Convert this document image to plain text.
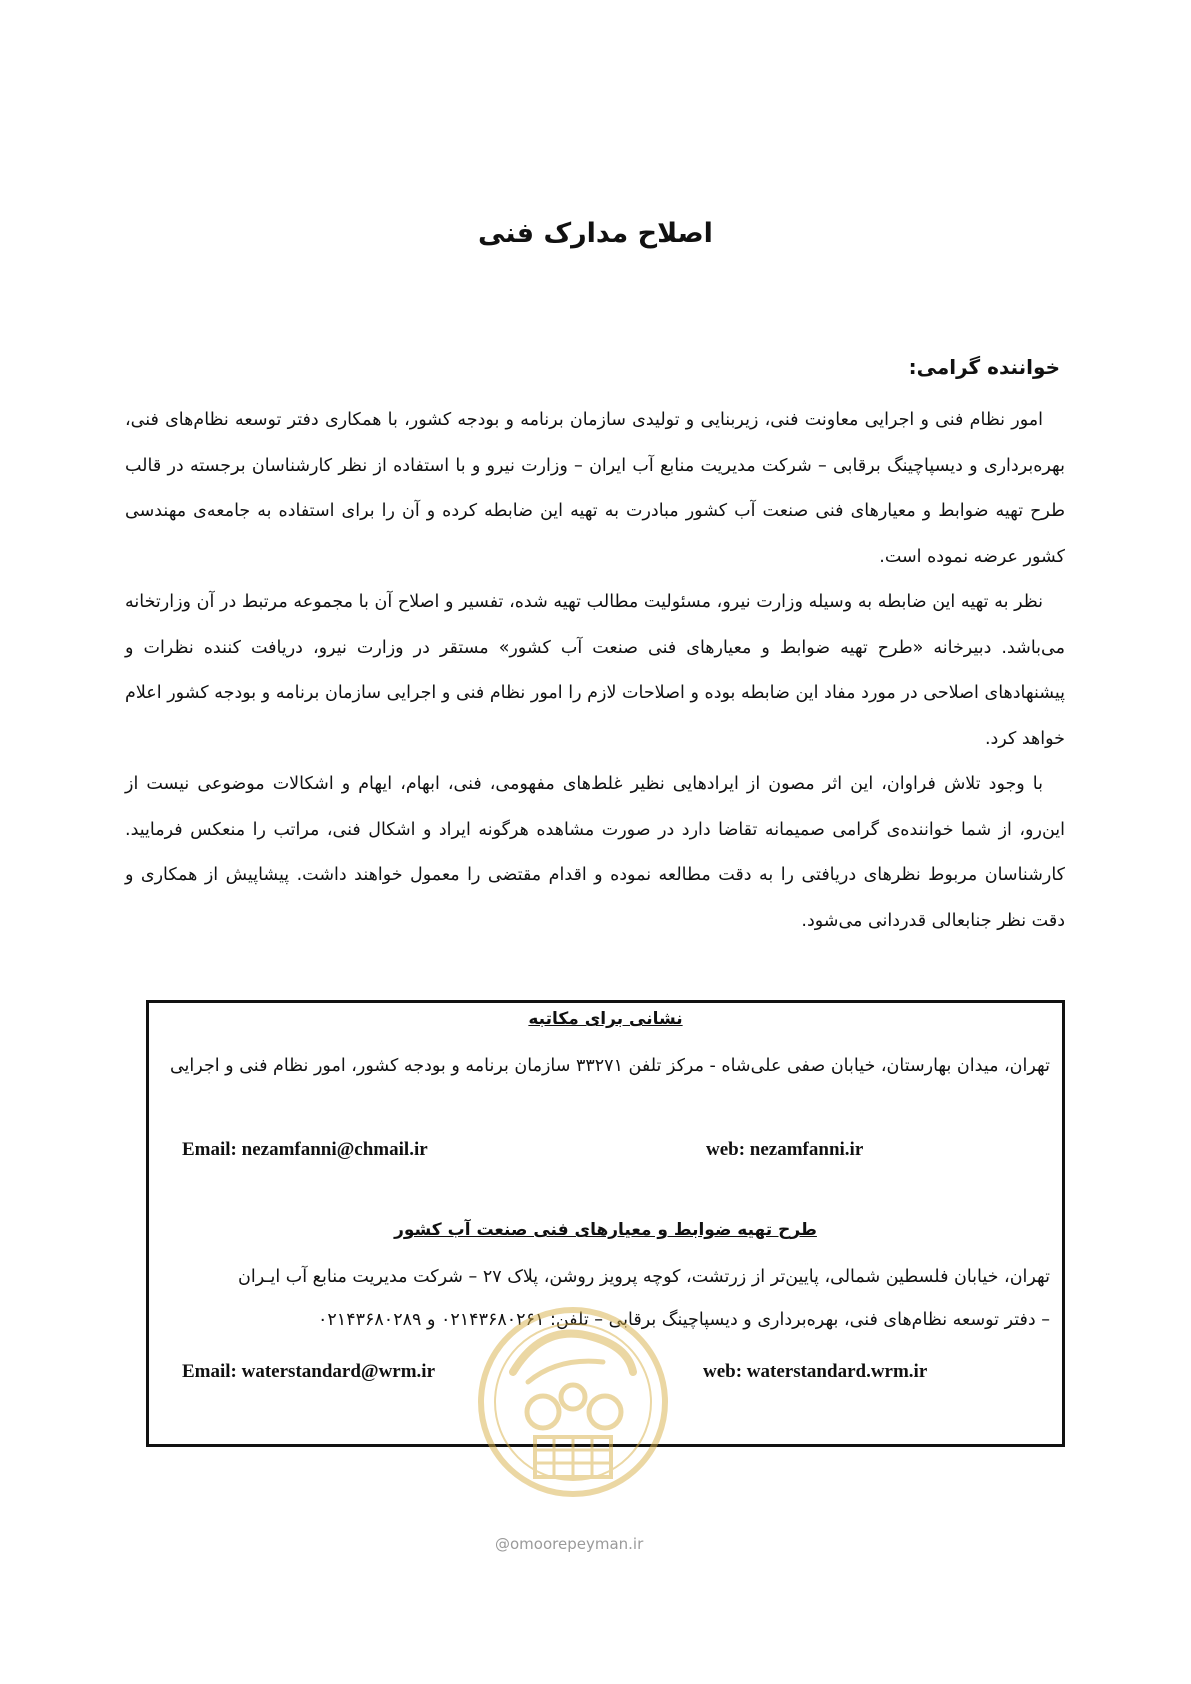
اصلاح مدارک فنی
خواننده گرامی:

امور نظام فنی و اجرایی معاونت فنی، زیربنایی و تولیدی سازمان برنامه و بودجه کشور، با همکاری دفتر توسعه نظام‌های فنی، بهره‌برداری و دیسپاچینگ برقابی – شرکت مدیریت منابع آب ایران – وزارت نیرو و با استفاده از نظر کارشناسان برجسته در قالب طرح تهیه ضوابط و معیارهای فنی صنعت آب کشور مبادرت به تهیه این ضابطه کرده و آن را برای استفاده به جامعه‌ی مهندسی کشور عرضه نموده است.

نظر به تهیه این ضابطه به وسیله وزارت نیرو، مسئولیت مطالب تهیه شده، تفسیر و اصلاح آن با مجموعه مرتبط در آن وزارتخانه می‌باشد. دبیرخانه «طرح تهیه ضوابط و معیارهای فنی صنعت آب کشور» مستقر در وزارت نیرو، دریافت کننده نظرات و پیشنهادهای اصلاحی در مورد مفاد این ضابطه بوده و اصلاحات لازم را امور نظام فنی و اجرایی سازمان برنامه و بودجه کشور اعلام خواهد کرد.

با وجود تلاش فراوان، این اثر مصون از ایرادهایی نظیر غلط‌های مفهومی، فنی، ابهام، ایهام و اشکالات موضوعی نیست از این‌رو، از شما خواننده‌ی گرامی صمیمانه تقاضا دارد در صورت مشاهده هرگونه ایراد و اشکال فنی، مراتب را منعکس فرمایید. کارشناسان مربوط نظرهای دریافتی را به دقت مطالعه نموده و اقدام مقتضی را معمول خواهند داشت. پیشاپیش از همکاری و دقت نظر جنابعالی قدردانی می‌شود.

نشانی برای مکاتبه

تهران، میدان بهارستان، خیابان صفی علی‌شاه - مرکز تلفن ۳۳۲۷۱ سازمان برنامه و بودجه کشور، امور نظام فنی و اجرایی

Email: nezamfanni@chmail.ir	web: nezamfanni.ir
طرح تهیه ضوابط و معیارهای فنی صنعت آب کشور

تهران، خیابان فلسطین شمالی، پایین‌تر از زرتشت، کوچه پرویز روشن، پلاک ۲۷ – شرکت مدیریت منابع آب ایـران

– دفتر توسعه نظام‌های فنی، بهره‌برداری و دیسپاچینگ برقابی – تلفن: ۰۲۱۴۳۶۸۰۲۶۱ و ۰۲۱۴۳۶۸۰۲۸۹

Email: waterstandard@wrm.ir	web: waterstandard.wrm.ir
@omoorepeyman.ir
